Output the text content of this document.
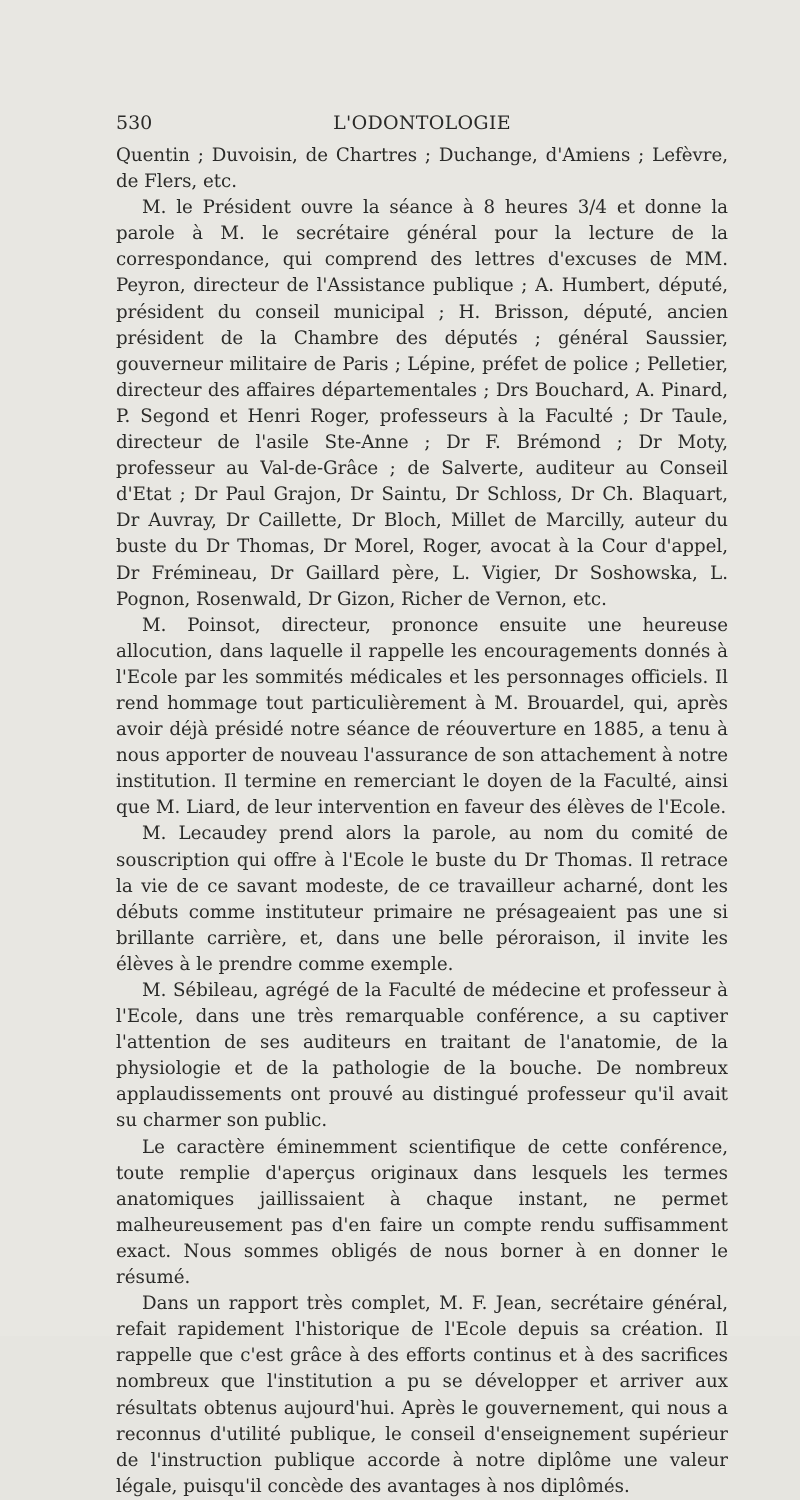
530	L'ODONTOLOGIE

Quentin ; Duvoisin, de Chartres ; Duchange, d'Amiens ; Lefèvre, de Flers, etc.

M. le Président ouvre la séance à 8 heures 3/4 et donne la parole à M. le secrétaire général pour la lecture de la correspondance, qui comprend des lettres d'excuses de MM. Peyron, directeur de l'Assistance publique ; A. Humbert, député, président du conseil municipal ; H. Brisson, député, ancien président de la Chambre des députés ; général Saussier, gouverneur militaire de Paris ; Lépine, préfet de police ; Pelletier, directeur des affaires départementales ; Drs Bouchard, A. Pinard, P. Segond et Henri Roger, professeurs à la Faculté ; Dr Taule, directeur de l'asile Ste-Anne ; Dr F. Brémond ; Dr Moty, professeur au Val-de-Grâce ; de Salverte, auditeur au Conseil d'Etat ; Dr Paul Grajon, Dr Saintu, Dr Schloss, Dr Ch. Blaquart, Dr Auvray, Dr Caillette, Dr Bloch, Millet de Marcilly, auteur du buste du Dr Thomas, Dr Morel, Roger, avocat à la Cour d'appel, Dr Frémineau, Dr Gaillard père, L. Vigier, Dr Soshowska, L. Pognon, Rosenwald, Dr Gizon, Richer de Vernon, etc.

M. Poinsot, directeur, prononce ensuite une heureuse allocution, dans laquelle il rappelle les encouragements donnés à l'Ecole par les sommités médicales et les personnages officiels. Il rend hommage tout particulièrement à M. Brouardel, qui, après avoir déjà présidé notre séance de réouverture en 1885, a tenu à nous apporter de nouveau l'assurance de son attachement à notre institution. Il termine en remerciant le doyen de la Faculté, ainsi que M. Liard, de leur intervention en faveur des élèves de l'Ecole.

M. Lecaudey prend alors la parole, au nom du comité de souscription qui offre à l'Ecole le buste du Dr Thomas. Il retrace la vie de ce savant modeste, de ce travailleur acharné, dont les débuts comme instituteur primaire ne présageaient pas une si brillante carrière, et, dans une belle péroraison, il invite les élèves à le prendre comme exemple.

M. Sébileau, agrégé de la Faculté de médecine et professeur à l'Ecole, dans une très remarquable conférence, a su captiver l'attention de ses auditeurs en traitant de l'anatomie, de la physiologie et de la pathologie de la bouche. De nombreux applaudissements ont prouvé au distingué professeur qu'il avait su charmer son public.

Le caractère éminemment scientifique de cette conférence, toute remplie d'aperçus originaux dans lesquels les termes anatomiques jaillissaient à chaque instant, ne permet malheureusement pas d'en faire un compte rendu suffisamment exact. Nous sommes obligés de nous borner à en donner le résumé.

Dans un rapport très complet, M. F. Jean, secrétaire général, refait rapidement l'historique de l'Ecole depuis sa création. Il rappelle que c'est grâce à des efforts continus et à des sacrifices nombreux que l'institution a pu se développer et arriver aux résultats obtenus aujourd'hui. Après le gouvernement, qui nous a reconnus d'utilité publique, le conseil d'enseignement supérieur de l'instruction publique accorde à notre diplôme une valeur légale, puisqu'il concède des avantages à nos diplômés.
